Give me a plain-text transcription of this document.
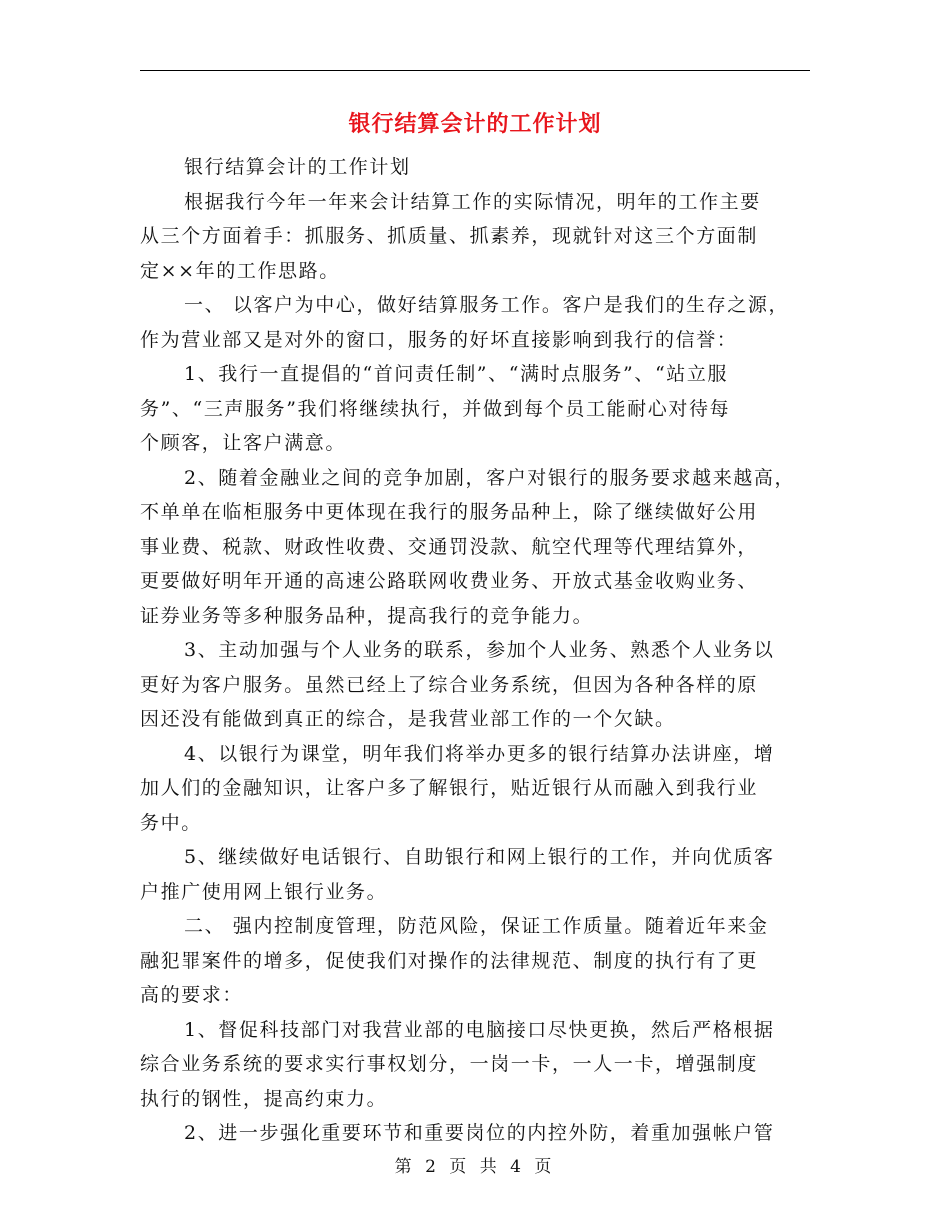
银行结算会计的工作计划

银行结算会计的工作计划

根据我行今年一年来会计结算工作的实际情况，明年的工作主要
从三个方面着手：抓服务、抓质量、抓素养，现就针对这三个方面制
定××年的工作思路。

一、 以客户为中心，做好结算服务工作。客户是我们的生存之源，
作为营业部又是对外的窗口，服务的好坏直接影响到我行的信誉：

1、我行一直提倡的“首问责任制”、“满时点服务”、“站立服
务”、“三声服务”我们将继续执行，并做到每个员工能耐心对待每
个顾客，让客户满意。

2、随着金融业之间的竞争加剧，客户对银行的服务要求越来越高，
不单单在临柜服务中更体现在我行的服务品种上，除了继续做好公用
事业费、税款、财政性收费、交通罚没款、航空代理等代理结算外，
更要做好明年开通的高速公路联网收费业务、开放式基金收购业务、
证券业务等多种服务品种，提高我行的竞争能力。

3、主动加强与个人业务的联系，参加个人业务、熟悉个人业务以
更好为客户服务。虽然已经上了综合业务系统，但因为各种各样的原
因还没有能做到真正的综合，是我营业部工作的一个欠缺。

4、以银行为课堂，明年我们将举办更多的银行结算办法讲座，增
加人们的金融知识，让客户多了解银行，贴近银行从而融入到我行业
务中。

5、继续做好电话银行、自助银行和网上银行的工作，并向优质客
户推广使用网上银行业务。

二、 强内控制度管理，防范风险，保证工作质量。随着近年来金
融犯罪案件的增多，促使我们对操作的法律规范、制度的执行有了更
高的要求：

1、督促科技部门对我营业部的电脑接口尽快更换，然后严格根据
综合业务系统的要求实行事权划分，一岗一卡，一人一卡，增强制度
执行的钢性，提高约束力。

2、进一步强化重要环节和重要岗位的内控外防，着重加强帐户管

第 2 页 共 4 页
